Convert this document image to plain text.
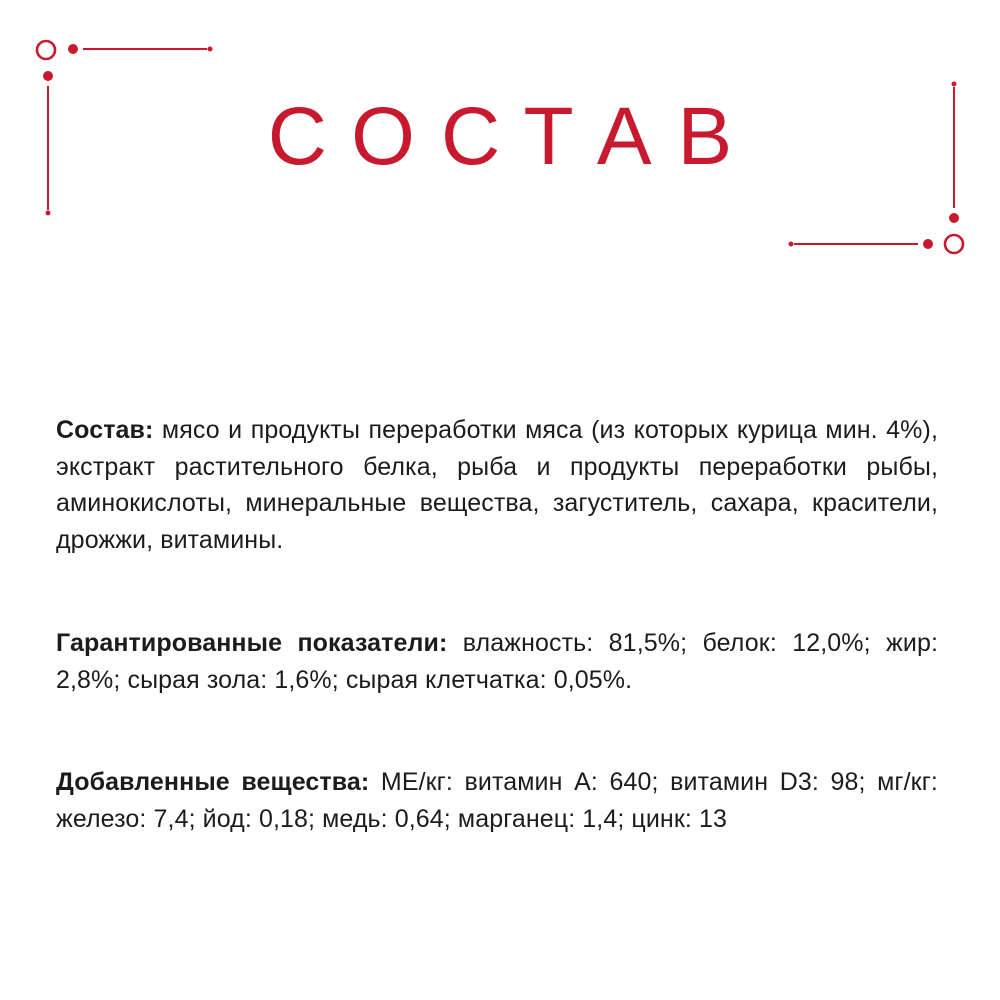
СОСТАВ
Состав: мясо и продукты переработки мяса (из которых курица мин. 4%), экстракт растительного белка, рыба и продукты переработки рыбы, аминокислоты, минеральные вещества, загуститель, сахара, красители, дрожжи, витамины.
Гарантированные показатели: влажность: 81,5%; белок: 12,0%; жир: 2,8%; сырая зола: 1,6%; сырая клетчатка: 0,05%.
Добавленные вещества: МЕ/кг: витамин A: 640; витамин D3: 98; мг/кг: железо: 7,4; йод: 0,18; медь: 0,64; марганец: 1,4; цинк: 13
